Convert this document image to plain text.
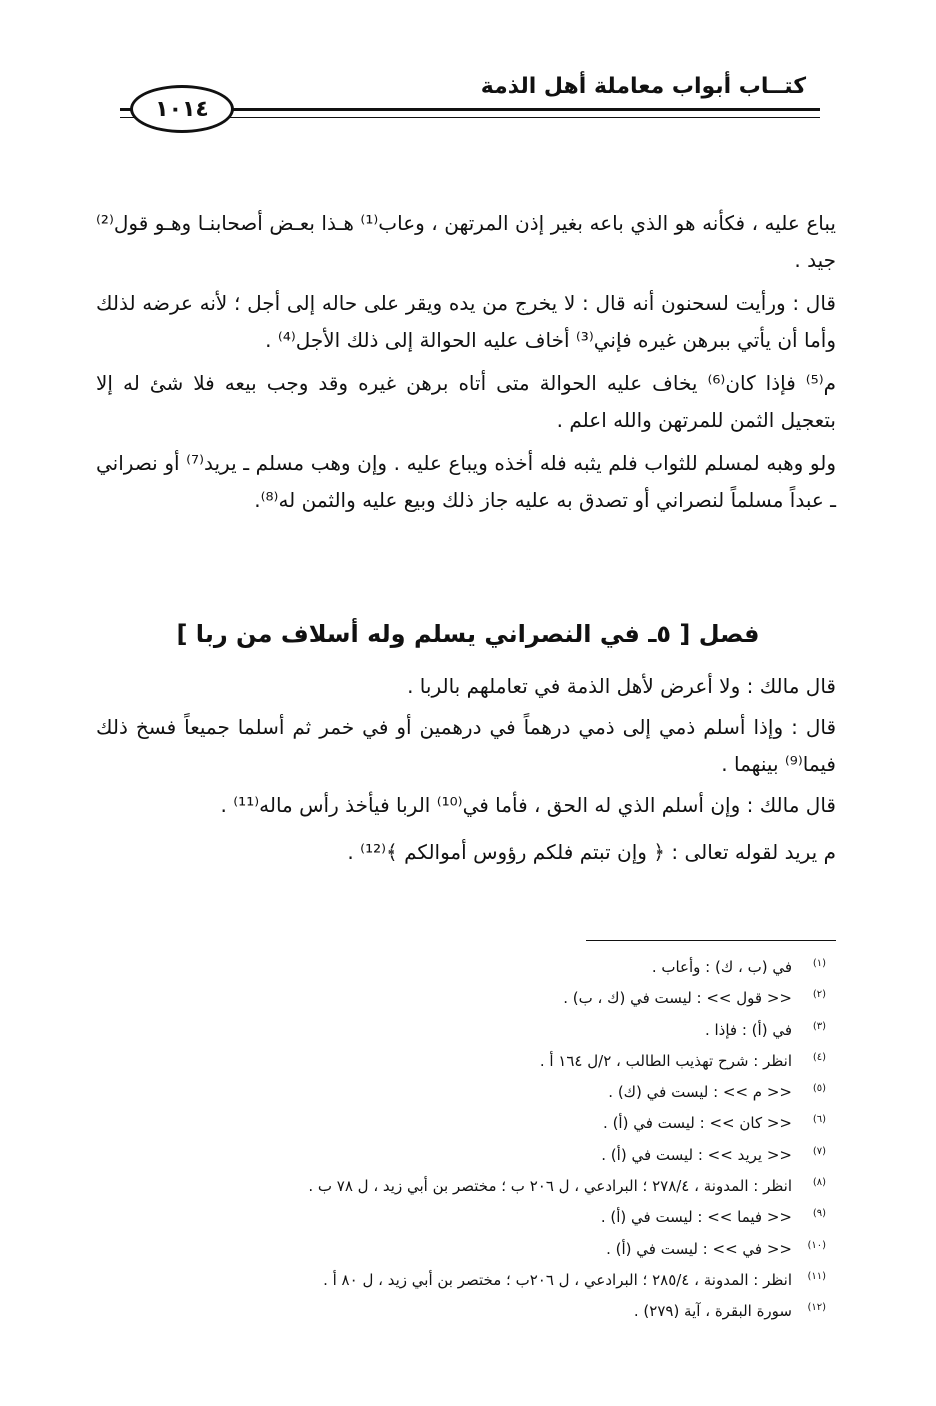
كتــاب أبواب معاملة أهل الذمة
١٠١٤

يباع عليه ، فكأنه هو الذي باعه بغير إذن المرتهن ، وعاب⁽¹⁾ هـذا بعـض أصحابنـا وهـو قول⁽²⁾ جيد .

قال : ورأيت لسحنون أنه قال : لا يخرج من يده ويقر على حاله إلى أجل ؛ لأنه عرضه لذلك وأما أن يأتي ببرهن غيره فإني⁽³⁾ أخاف عليه الحوالة إلى ذلك الأجل⁽⁴⁾ .

م⁽⁵⁾ فإذا كان⁽⁶⁾ يخاف عليه الحوالة متى أتاه برهن غيره وقد وجب بيعه فلا شئ له إلا بتعجيل الثمن للمرتهن والله اعلم .

ولو وهبه لمسلم للثواب فلم يثبه فله أخذه ويباع عليه . وإن وهب مسلم ـ يريد⁽⁷⁾ أو نصراني ـ عبداً مسلماً لنصراني أو تصدق به عليه جاز ذلك وبيع عليه والثمن له⁽⁸⁾.

فصل [ ٥ـ في النصراني يسلم وله أسلاف من ربا ]

قال مالك : ولا أعرض لأهل الذمة في تعاملهم بالربا .

قال : وإذا أسلم ذمي إلى ذمي درهماً في درهمين أو في خمر ثم أسلما جميعاً فسخ ذلك فيما⁽⁹⁾ بينهما .

قال مالك : وإن أسلم الذي له الحق ، فأما في⁽¹⁰⁾ الربا فيأخذ رأس ماله⁽¹¹⁾ .

م يريد لقوله تعالى : ﴿ وإن تبتم فلكم رؤوس أموالكم ﴾⁽¹²⁾ .

(١)في (ب ، ك) : وأعاب .
(٢)<< قول >> : ليست في (ك ، ب) .
(٣)في (أ) : فإذا .
(٤)انظر : شرح تهذيب الطالب ، ٢/ل ١٦٤ أ .
(٥)<< م >> : ليست في (ك) .
(٦)<< كان >> : ليست في (أ) .
(٧)<< يريد >> : ليست في (أ) .
(٨)انظر : المدونة ، ٢٧٨/٤ ؛ البرادعي ، ل ٢٠٦ ب ؛ مختصر بن أبي زيد ، ل ٧٨ ب .
(٩)<< فيما >> : ليست في (أ) .
(١٠)<< في >> : ليست في (أ) .
(١١)انظر : المدونة ، ٢٨٥/٤ ؛ البرادعي ، ل ٢٠٦ب ؛ مختصر بن أبي زيد ، ل ٨٠ أ .
(١٢)سورة البقرة ، آية (٢٧٩) .
